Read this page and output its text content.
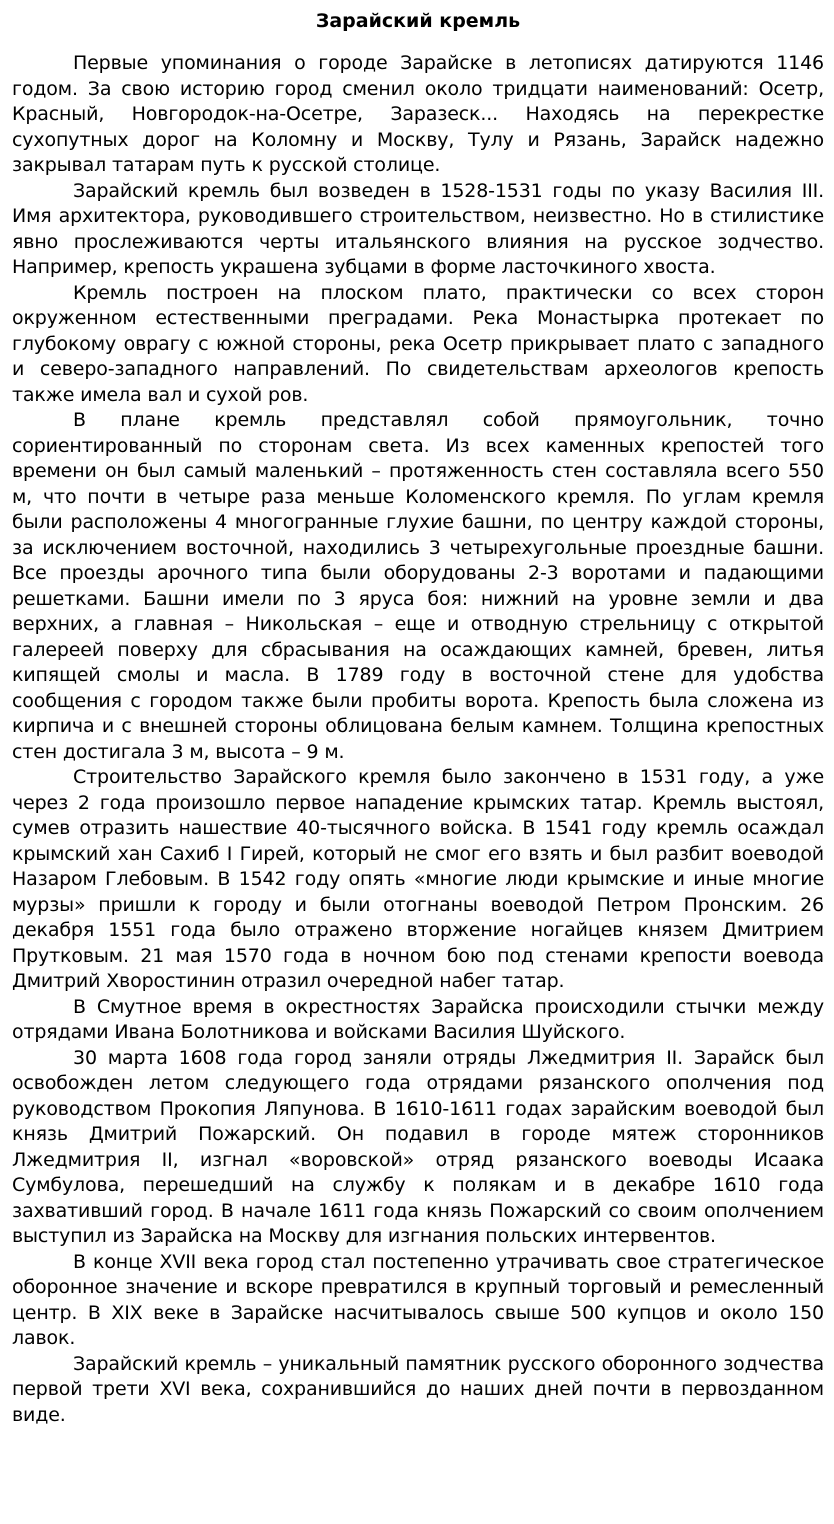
Зарайский кремль

Первые упоминания о городе Зарайске в летописях датируются 1146 годом. За свою историю город сменил около тридцати наименований: Осетр, Красный, Новгородок-на-Осетре, Заразеск... Находясь на перекрестке сухопутных дорог на Коломну и Москву, Тулу и Рязань, Зарайск надежно закрывал татарам путь к русской столице.

Зарайский кремль был возведен в 1528-1531 годы по указу Василия III. Имя архитектора, руководившего строительством, неизвестно. Но в стилистике явно прослеживаются черты итальянского влияния на русское зодчество. Например, крепость украшена зубцами в форме ласточкиного хвоста.

Кремль построен на плоском плато, практически со всех сторон окруженном естественными преградами. Река Монастырка протекает по глубокому оврагу с южной стороны, река Осетр прикрывает плато с западного и северо-западного направлений. По свидетельствам археологов крепость также имела вал и сухой ров.

В плане кремль представлял собой прямоугольник, точно сориентированный по сторонам света. Из всех каменных крепостей того времени он был самый маленький – протяженность стен составляла всего 550 м, что почти в четыре раза меньше Коломенского кремля. По углам кремля были расположены 4 многогранные глухие башни, по центру каждой стороны, за исключением восточной, находились 3 четырехугольные проездные башни. Все проезды арочного типа были оборудованы 2-3 воротами и падающими решетками. Башни имели по 3 яруса боя: нижний на уровне земли и два верхних, а главная – Никольская – еще и отводную стрельницу с открытой галереей поверху для сбрасывания на осаждающих камней, бревен, литья кипящей смолы и масла. В 1789 году в восточной стене для удобства сообщения с городом также были пробиты ворота. Крепость была сложена из кирпича и с внешней стороны облицована белым камнем. Толщина крепостных стен достигала 3 м, высота – 9 м.

Строительство Зарайского кремля было закончено в 1531 году, а уже через 2 года произошло первое нападение крымских татар. Кремль выстоял, сумев отразить нашествие 40-тысячного войска. В 1541 году кремль осаждал крымский хан Сахиб I Гирей, который не смог его взять и был разбит воеводой Назаром Глебовым. В 1542 году опять «многие люди крымские и иные многие мурзы» пришли к городу и были отогнаны воеводой Петром Пронским. 26 декабря 1551 года было отражено вторжение ногайцев князем Дмитрием Прутковым. 21 мая 1570 года в ночном бою под стенами крепости воевода Дмитрий Хворостинин отразил очередной набег татар.

В Смутное время в окрестностях Зарайска происходили стычки между отрядами Ивана Болотникова и войсками Василия Шуйского.

30 марта 1608 года город заняли отряды Лжедмитрия II. Зарайск был освобожден летом следующего года отрядами рязанского ополчения под руководством Прокопия Ляпунова. В 1610-1611 годах зарайским воеводой был князь Дмитрий Пожарский. Он подавил в городе мятеж сторонников Лжедмитрия II, изгнал «воровской» отряд рязанского воеводы Исаака Сумбулова, перешедший на службу к полякам и в декабре 1610 года захвативший город. В начале 1611 года князь Пожарский со своим ополчением выступил из Зарайска на Москву для изгнания польских интервентов.

В конце XVII века город стал постепенно утрачивать свое стратегическое оборонное значение и вскоре превратился в крупный торговый и ремесленный центр. В XIX веке в Зарайске насчитывалось свыше 500 купцов и около 150 лавок.

Зарайский кремль – уникальный памятник русского оборонного зодчества первой трети XVI века, сохранившийся до наших дней почти в первозданном виде.
